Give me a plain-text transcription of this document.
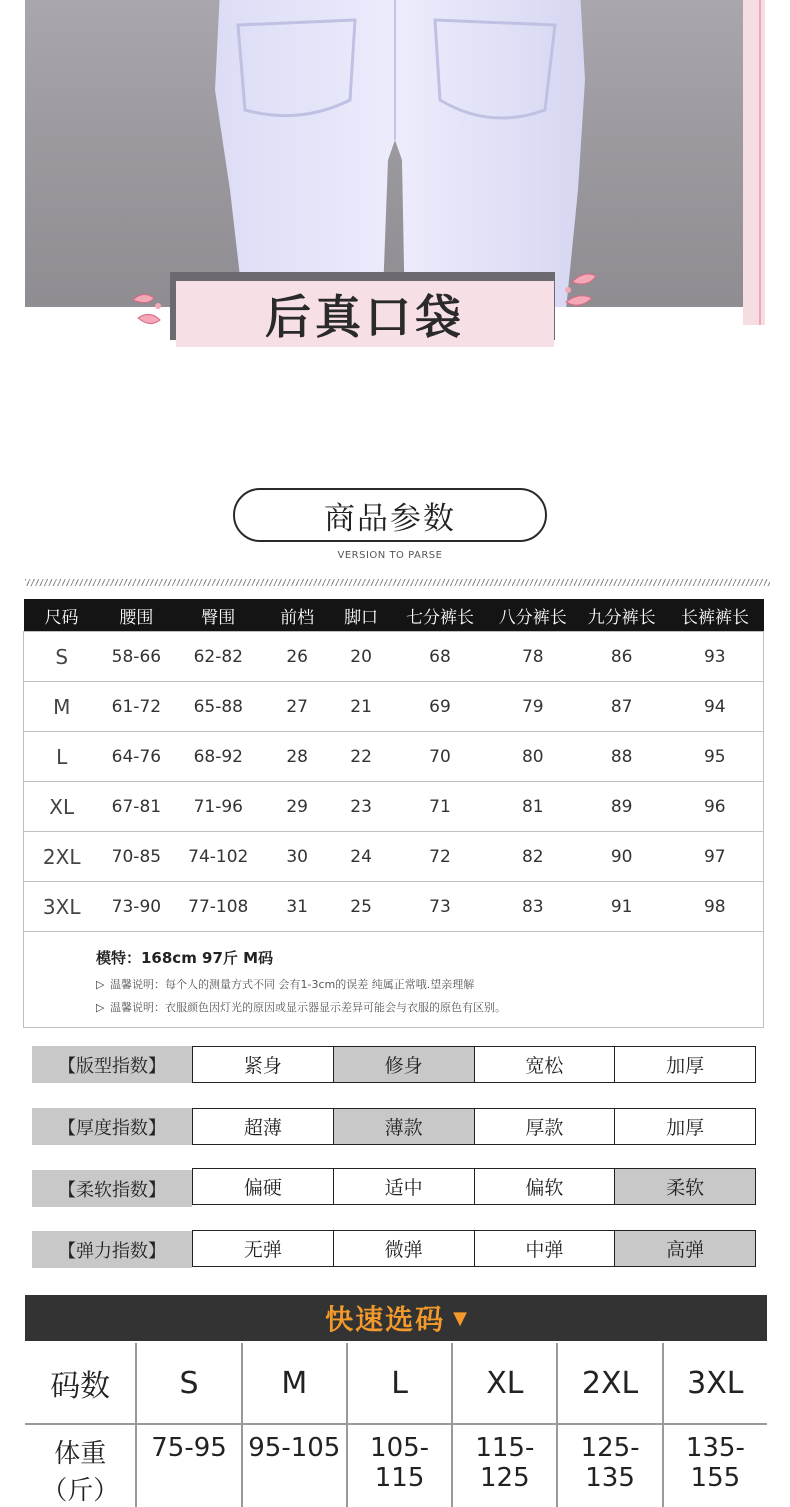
后真口袋
商品参数
VERSION TO PARSE
尺码	腰围	臀围	前档	脚口	七分裤长	八分裤长	九分裤长	长裤裤长
S	58-66	62-82	26	20	68	78	86	93
M	61-72	65-88	27	21	69	79	87	94
L	64-76	68-92	28	22	70	80	88	95
XL	67-81	71-96	29	23	71	81	89	96
2XL	70-85	74-102	30	24	72	82	90	97
3XL	73-90	77-108	31	25	73	83	91	98
模特：168cm 97斤 M码
▷ 温馨说明：每个人的测量方式不同 会有1-3cm的误差 纯属正常哦.望亲理解
▷ 温馨说明：衣服颜色因灯光的原因或显示器显示差异可能会与衣服的原色有区别。
【版型指数】	紧身	修身	宽松	加厚
【厚度指数】	超薄	薄款	厚款	加厚
【柔软指数】	偏硬	适中	偏软	柔软
【弹力指数】	无弹	微弹	中弹	高弹
快速选码 ▼
码数	S	M	L	XL	2XL	3XL
体重（斤）	75-95	95-105	105-115	115-125	125-135	135-155
